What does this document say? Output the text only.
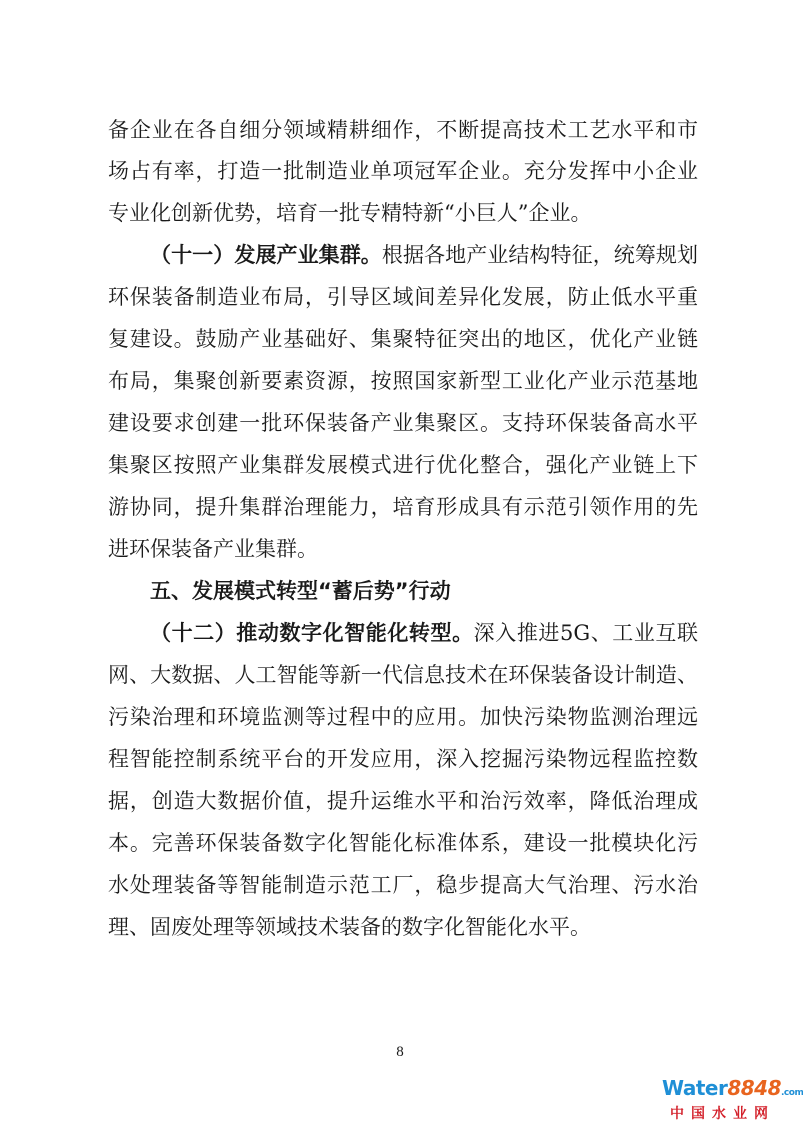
备企业在各自细分领域精耕细作，不断提高技术工艺水平和市
场占有率，打造一批制造业单项冠军企业。充分发挥中小企业
专业化创新优势，培育一批专精特新“小巨人”企业。
（十一）发展产业集群。根据各地产业结构特征，统筹规划
环保装备制造业布局，引导区域间差异化发展，防止低水平重
复建设。鼓励产业基础好、集聚特征突出的地区，优化产业链
布局，集聚创新要素资源，按照国家新型工业化产业示范基地
建设要求创建一批环保装备产业集聚区。支持环保装备高水平
集聚区按照产业集群发展模式进行优化整合，强化产业链上下
游协同，提升集群治理能力，培育形成具有示范引领作用的先
进环保装备产业集群。
五、发展模式转型“蓄后势”行动
（十二）推动数字化智能化转型。深入推进5G、工业互联
网、大数据、人工智能等新一代信息技术在环保装备设计制造、
污染治理和环境监测等过程中的应用。加快污染物监测治理远
程智能控制系统平台的开发应用，深入挖掘污染物远程监控数
据，创造大数据价值，提升运维水平和治污效率，降低治理成
本。完善环保装备数字化智能化标准体系，建设一批模块化污
水处理装备等智能制造示范工厂，稳步提高大气治理、污水治
理、固废处理等领域技术装备的数字化智能化水平。
8
Water8848.com
中国水业网
